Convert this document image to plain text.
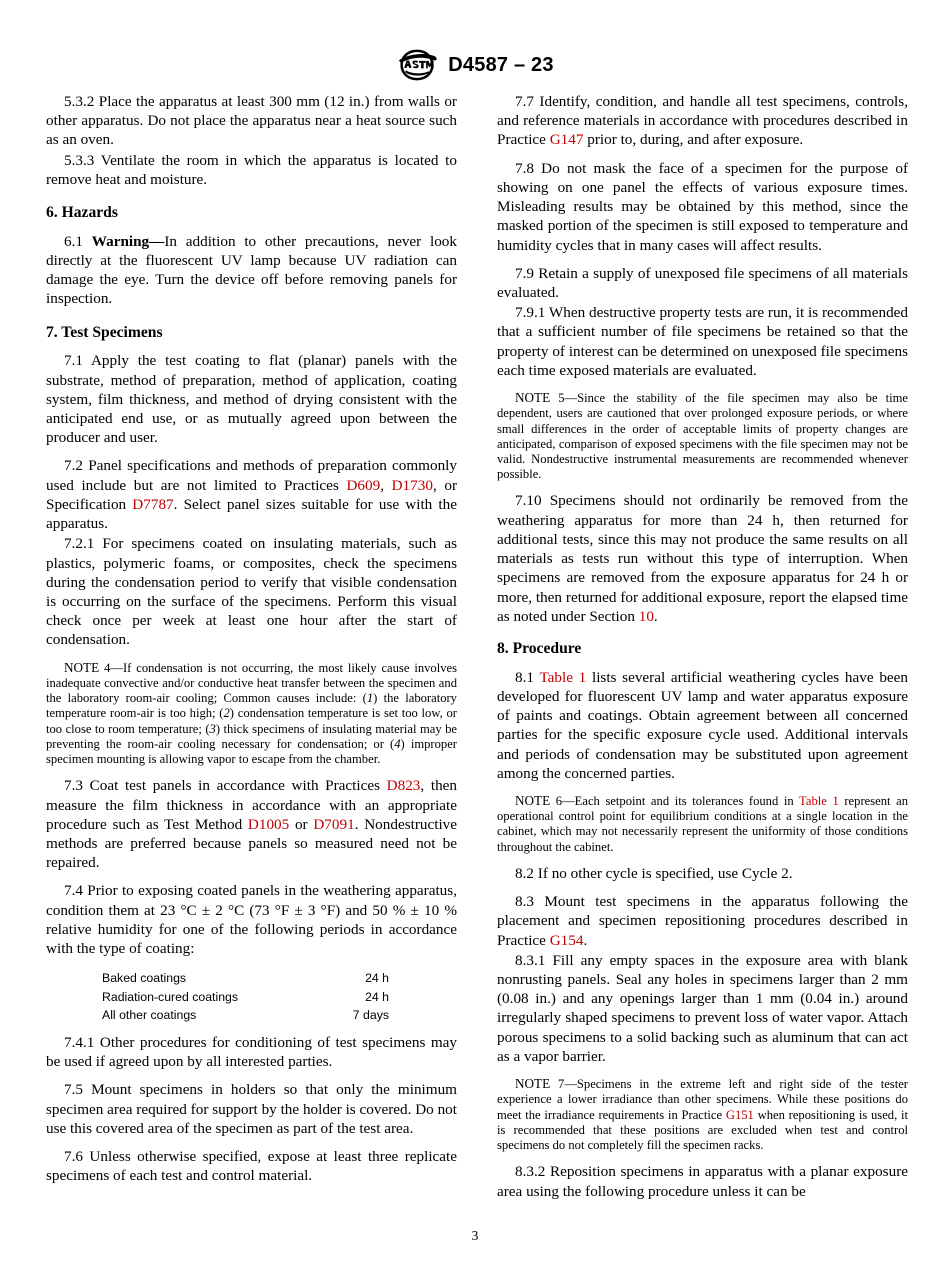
D4587 – 23

5.3.2 Place the apparatus at least 300 mm (12 in.) from walls or other apparatus. Do not place the apparatus near a heat source such as an oven.

5.3.3 Ventilate the room in which the apparatus is located to remove heat and moisture.

6. Hazards

6.1 Warning—In addition to other precautions, never look directly at the fluorescent UV lamp because UV radiation can damage the eye. Turn the device off before removing panels for inspection.

7. Test Specimens

7.1 Apply the test coating to flat (planar) panels with the substrate, method of preparation, method of application, coating system, film thickness, and method of drying consistent with the anticipated end use, or as mutually agreed upon between the producer and user.

7.2 Panel specifications and methods of preparation commonly used include but are not limited to Practices D609, D1730, or Specification D7787. Select panel sizes suitable for use with the apparatus.

7.2.1 For specimens coated on insulating materials, such as plastics, polymeric foams, or composites, check the specimens during the condensation period to verify that visible condensation is occurring on the surface of the specimens. Perform this visual check once per week at least one hour after the start of condensation.

NOTE 4—If condensation is not occurring, the most likely cause involves inadequate convective and/or conductive heat transfer between the specimen and the laboratory room-air cooling; Common causes include: (1) the laboratory temperature room-air is too high; (2) condensation temperature is set too low, or too close to room temperature; (3) thick specimens of insulating material may be preventing the room-air cooling necessary for condensation; or (4) improper specimen mounting is allowing vapor to escape from the chamber.

7.3 Coat test panels in accordance with Practices D823, then measure the film thickness in accordance with an appropriate procedure such as Test Method D1005 or D7091. Nondestructive methods are preferred because panels so measured need not be repaired.

7.4 Prior to exposing coated panels in the weathering apparatus, condition them at 23 °C ± 2 °C (73 °F ± 3 °F) and 50 % ± 10 % relative humidity for one of the following periods in accordance with the type of coating:

Baked coatings	24 h
Radiation-cured coatings	24 h
All other coatings	7 days

7.4.1 Other procedures for conditioning of test specimens may be used if agreed upon by all interested parties.

7.5 Mount specimens in holders so that only the minimum specimen area required for support by the holder is covered. Do not use this covered area of the specimen as part of the test area.

7.6 Unless otherwise specified, expose at least three replicate specimens of each test and control material.

7.7 Identify, condition, and handle all test specimens, controls, and reference materials in accordance with procedures described in Practice G147 prior to, during, and after exposure.

7.8 Do not mask the face of a specimen for the purpose of showing on one panel the effects of various exposure times. Misleading results may be obtained by this method, since the masked portion of the specimen is still exposed to temperature and humidity cycles that in many cases will affect results.

7.9 Retain a supply of unexposed file specimens of all materials evaluated.

7.9.1 When destructive property tests are run, it is recommended that a sufficient number of file specimens be retained so that the property of interest can be determined on unexposed file specimens each time exposed materials are evaluated.

NOTE 5—Since the stability of the file specimen may also be time dependent, users are cautioned that over prolonged exposure periods, or where small differences in the order of acceptable limits of property changes are anticipated, comparison of exposed specimens with the file specimen may not be valid. Nondestructive instrumental measurements are recommended whenever possible.

7.10 Specimens should not ordinarily be removed from the weathering apparatus for more than 24 h, then returned for additional tests, since this may not produce the same results on all materials as tests run without this type of interruption. When specimens are removed from the exposure apparatus for 24 h or more, then returned for additional exposure, report the elapsed time as noted under Section 10.

8. Procedure

8.1 Table 1 lists several artificial weathering cycles have been developed for fluorescent UV lamp and water apparatus exposure of paints and coatings. Obtain agreement between all concerned parties for the specific exposure cycle used. Additional intervals and periods of condensation may be substituted upon agreement among the concerned parties.

NOTE 6—Each setpoint and its tolerances found in Table 1 represent an operational control point for equilibrium conditions at a single location in the cabinet, which may not necessarily represent the uniformity of those conditions throughout the cabinet.

8.2 If no other cycle is specified, use Cycle 2.

8.3 Mount test specimens in the apparatus following the placement and specimen repositioning procedures described in Practice G154.

8.3.1 Fill any empty spaces in the exposure area with blank nonrusting panels. Seal any holes in specimens larger than 2 mm (0.08 in.) and any openings larger than 1 mm (0.04 in.) around irregularly shaped specimens to prevent loss of water vapor. Attach porous specimens to a solid backing such as aluminum that can act as a vapor barrier.

NOTE 7—Specimens in the extreme left and right side of the tester experience a lower irradiance than other specimens. While these positions do meet the irradiance requirements in Practice G151 when repositioning is used, it is recommended that these positions are excluded when test and control specimens do not completely fill the specimen racks.

8.3.2 Reposition specimens in apparatus with a planar exposure area using the following procedure unless it can be

3
